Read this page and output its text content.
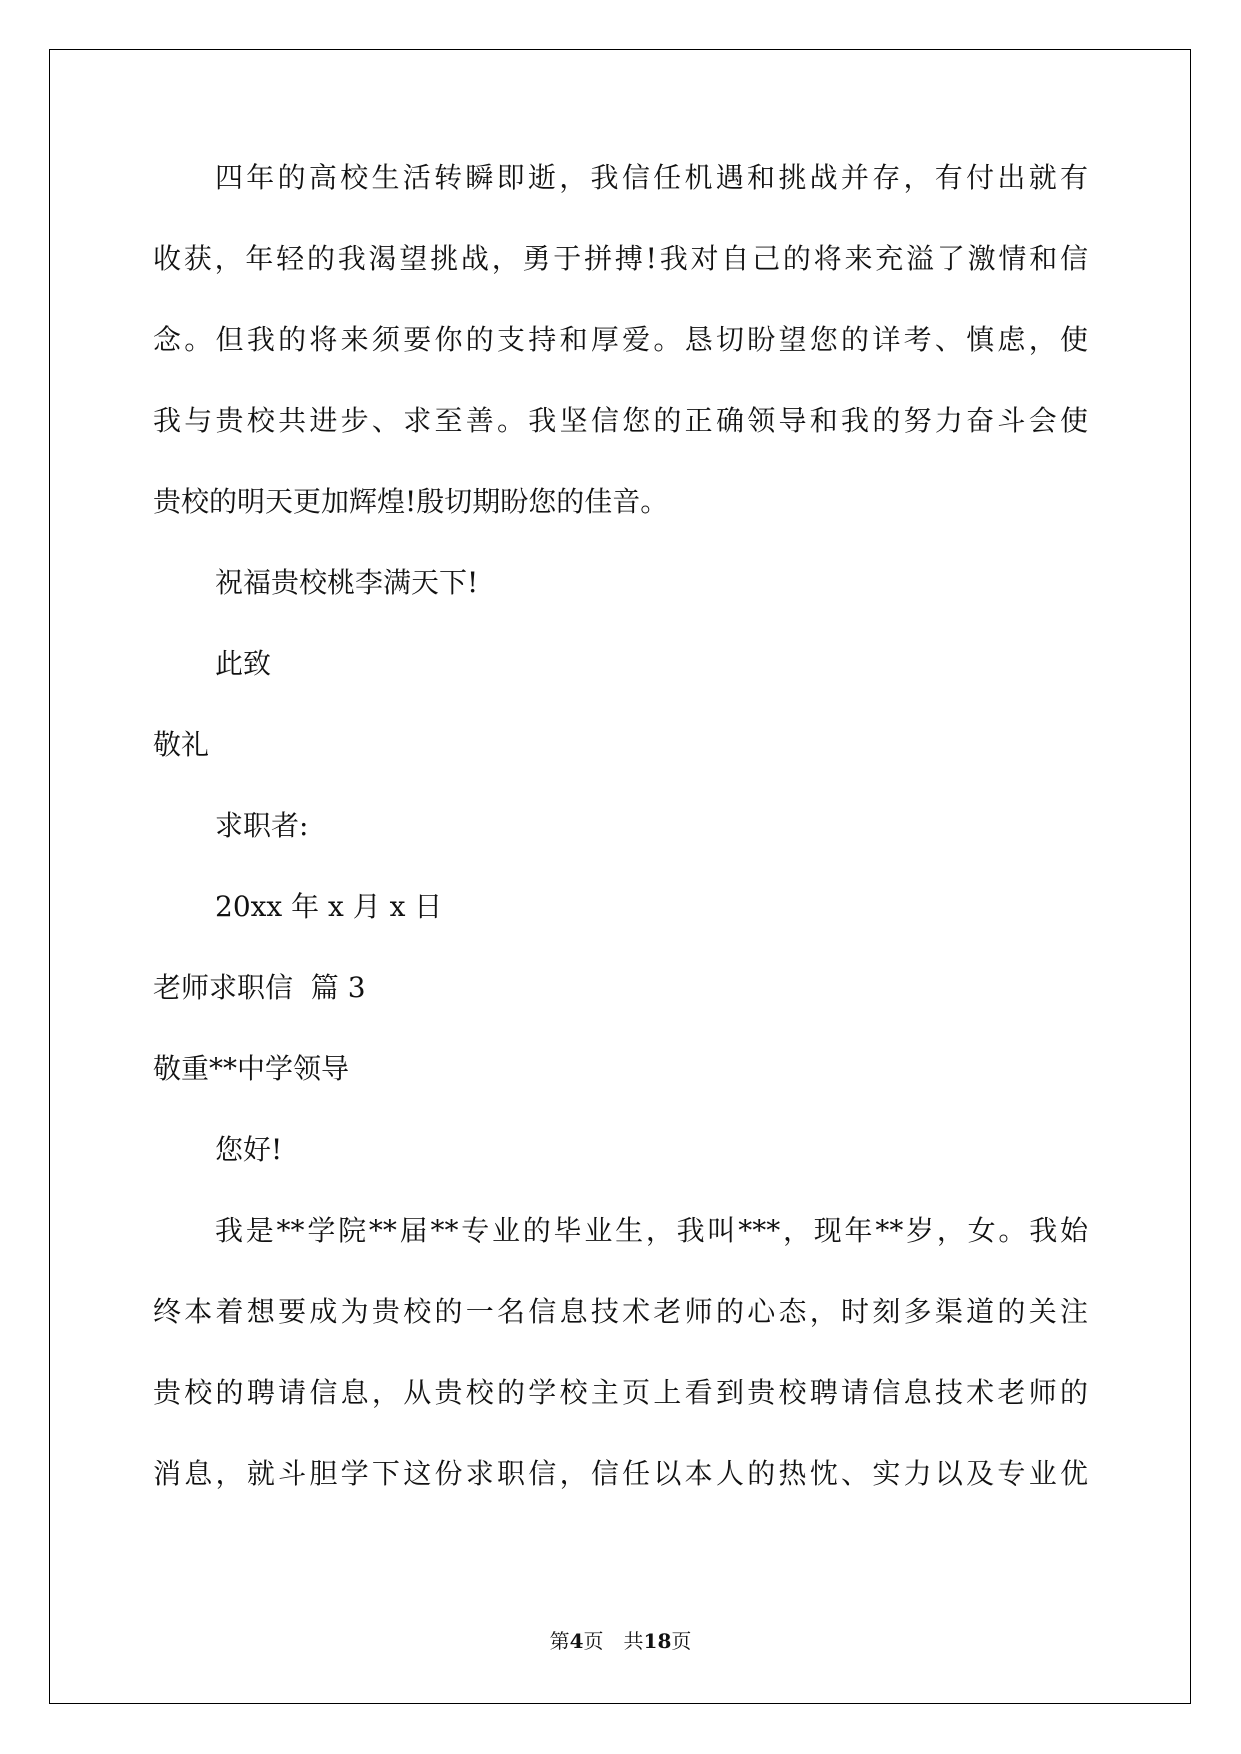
四年的高校生活转瞬即逝，我信任机遇和挑战并存，有付出就有
收获，年轻的我渴望挑战，勇于拼搏!我对自己的将来充溢了激情和信
念。但我的将来须要你的支持和厚爱。恳切盼望您的详考、慎虑，使
我与贵校共进步、求至善。我坚信您的正确领导和我的努力奋斗会使
贵校的明天更加辉煌!殷切期盼您的佳音。
祝福贵校桃李满天下!
此致
敬礼
求职者:
20xx 年 x 月 x 日
老师求职信  篇 3
敬重**中学领导
您好!
我是**学院**届**专业的毕业生，我叫***，现年**岁，女。我始
终本着想要成为贵校的一名信息技术老师的心态，时刻多渠道的关注
贵校的聘请信息，从贵校的学校主页上看到贵校聘请信息技术老师的
消息，就斗胆学下这份求职信，信任以本人的热忱、实力以及专业优
第4页 共18页
